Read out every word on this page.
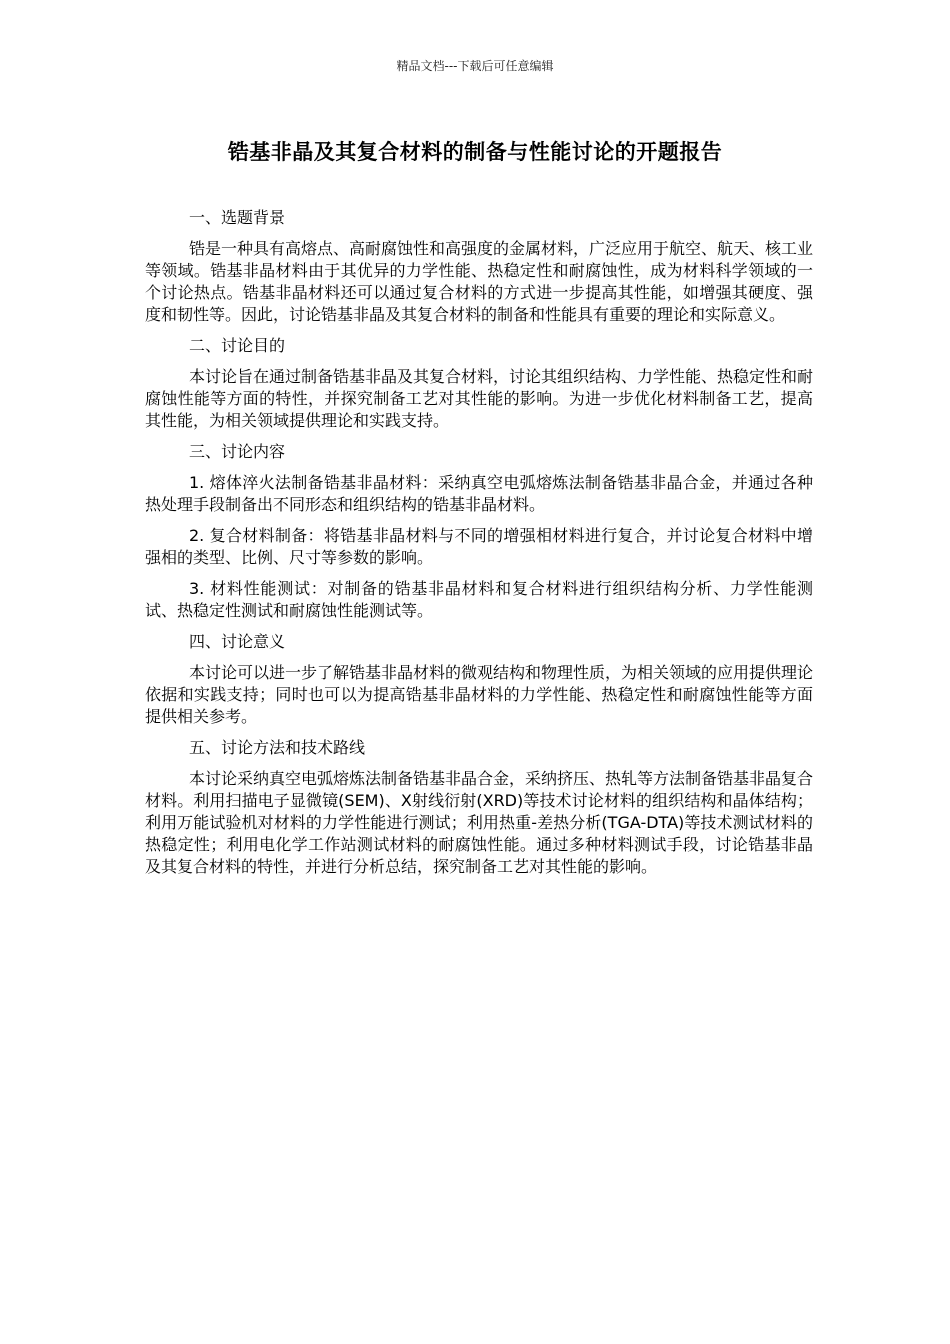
精品文档---下载后可任意编辑
锆基非晶及其复合材料的制备与性能讨论的开题报告

一、选题背景

锆是一种具有高熔点、高耐腐蚀性和高强度的金属材料，广泛应用于航空、航天、核工业等领域。锆基非晶材料由于其优异的力学性能、热稳定性和耐腐蚀性，成为材料科学领域的一个讨论热点。锆基非晶材料还可以通过复合材料的方式进一步提高其性能，如增强其硬度、强度和韧性等。因此，讨论锆基非晶及其复合材料的制备和性能具有重要的理论和实际意义。

二、讨论目的

本讨论旨在通过制备锆基非晶及其复合材料，讨论其组织结构、力学性能、热稳定性和耐腐蚀性能等方面的特性，并探究制备工艺对其性能的影响。为进一步优化材料制备工艺，提高其性能，为相关领域提供理论和实践支持。

三、讨论内容

1. 熔体淬火法制备锆基非晶材料：采纳真空电弧熔炼法制备锆基非晶合金，并通过各种热处理手段制备出不同形态和组织结构的锆基非晶材料。

2. 复合材料制备：将锆基非晶材料与不同的增强相材料进行复合，并讨论复合材料中增强相的类型、比例、尺寸等参数的影响。

3. 材料性能测试：对制备的锆基非晶材料和复合材料进行组织结构分析、力学性能测试、热稳定性测试和耐腐蚀性能测试等。

四、讨论意义

本讨论可以进一步了解锆基非晶材料的微观结构和物理性质，为相关领域的应用提供理论依据和实践支持；同时也可以为提高锆基非晶材料的力学性能、热稳定性和耐腐蚀性能等方面提供相关参考。

五、讨论方法和技术路线

本讨论采纳真空电弧熔炼法制备锆基非晶合金，采纳挤压、热轧等方法制备锆基非晶复合材料。利用扫描电子显微镜(SEM)、X射线衍射(XRD)等技术讨论材料的组织结构和晶体结构；利用万能试验机对材料的力学性能进行测试；利用热重-差热分析(TGA-DTA)等技术测试材料的热稳定性；利用电化学工作站测试材料的耐腐蚀性能。通过多种材料测试手段，讨论锆基非晶及其复合材料的特性，并进行分析总结，探究制备工艺对其性能的影响。
